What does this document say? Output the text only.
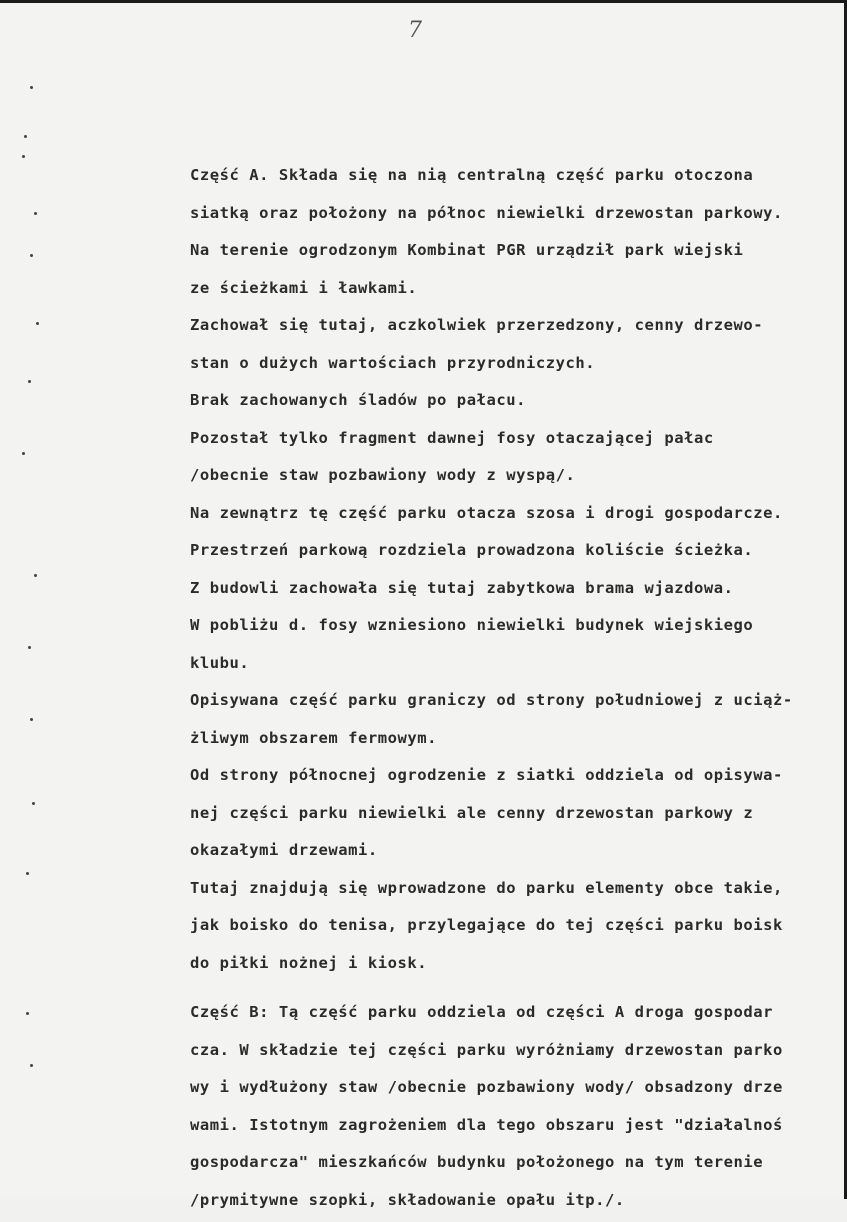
7

Część A. Składa się na nią centralną część parku otoczona
siatką oraz położony na północ niewielki drzewostan parkowy.
Na terenie ogrodzonym Kombinat PGR urządził park wiejski
ze ścieżkami i ławkami.
Zachował się tutaj, aczkolwiek przerzedzony, cenny drzewo-
stan o dużych wartościach przyrodniczych.
Brak zachowanych śladów po pałacu.
Pozostał tylko fragment dawnej fosy otaczającej pałac
/obecnie staw pozbawiony wody z wyspą/.
Na zewnątrz tę część parku otacza szosa i drogi gospodarcze.
Przestrzeń parkową rozdziela prowadzona koliście ścieżka.
Z budowli zachowała się tutaj zabytkowa brama wjazdowa.
W pobliżu d. fosy wzniesiono niewielki budynek wiejskiego
klubu.
Opisywana część parku graniczy od strony południowej z uciąż-
żliwym obszarem fermowym.
Od strony północnej ogrodzenie z siatki oddziela od opisywa-
nej części parku niewielki ale cenny drzewostan parkowy z
okazałymi drzewami.
Tutaj znajdują się wprowadzone do parku elementy obce takie,
jak boisko do tenisa, przylegające do tej części parku boisk
do piłki nożnej i kiosk.
Część B: Tą część parku oddziela od części A droga gospodar
cza. W składzie tej części parku wyróżniamy drzewostan parko
wy i wydłużony staw /obecnie pozbawiony wody/ obsadzony drze
wami. Istotnym zagrożeniem dla tego obszaru jest "działalnoś
gospodarcza" mieszkańców budynku położonego na tym terenie
/prymitywne szopki, składowanie opału itp./.
